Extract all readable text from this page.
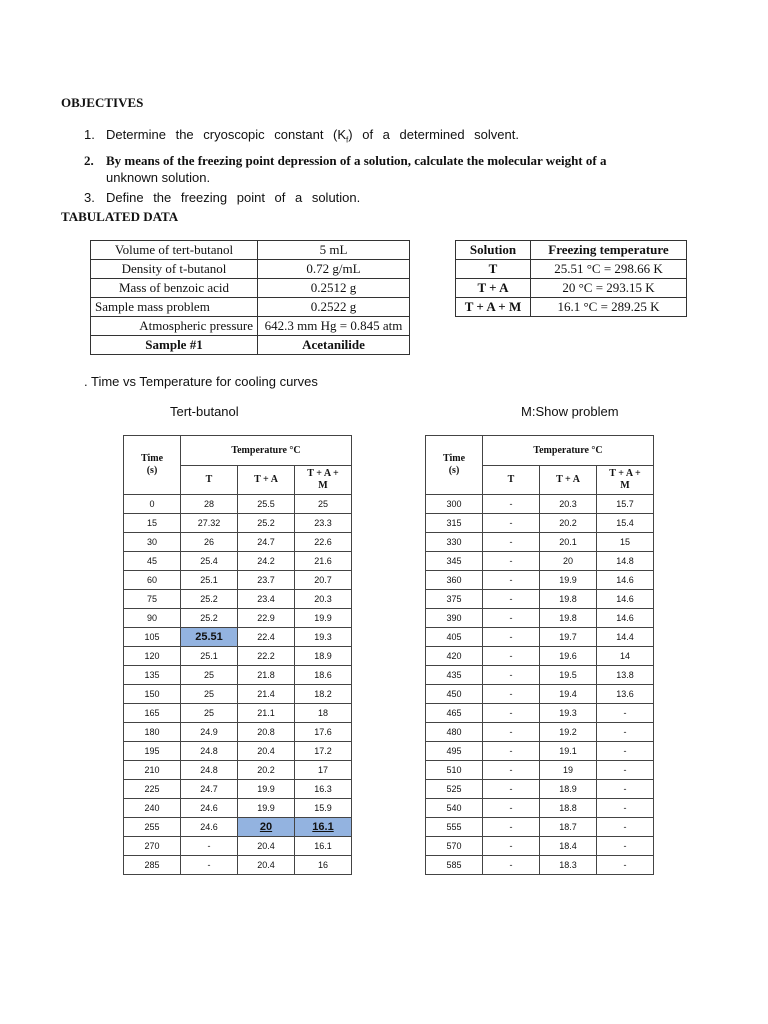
OBJECTIVES
1. Determine the cryoscopic constant $(K_f)$ of a determined solvent.
2. By means of the freezing point depression of a solution, calculate the molecular weight of a
unknown solution.
3. Define the freezing point of a solution.
TABULATED DATA
Volume of tert-butanol	5 mL
Density of t-butanol	0.72 g/mL
Mass of benzoic acid	0.2512 g
Sample mass problem	0.2522 g
Atmospheric pressure	642.3 mm Hg = 0.845 atm
Sample #1	Acetanilide
Solution	Freezing temperature
T	25.51 °C = 298.66 K
T + A	20 °C = 293.15 K
T + A + M	16.1 °C = 289.25 K
. Time vs Temperature for cooling curves
Tert-butanol	M:Show problem
Time
(s)	Temperature °C		
	T	T + A	T + A +
M
0	28	25.5	25
15	27.32	25.2	23.3
30	26	24.7	22.6
45	25.4	24.2	21.6
60	25.1	23.7	20.7
75	25.2	23.4	20.3
90	25.2	22.9	19.9
105	25.51	22.4	19.3
120	25.1	22.2	18.9
135	25	21.8	18.6
150	25	21.4	18.2
165	25	21.1	18
180	24.9	20.8	17.6
195	24.8	20.4	17.2
210	24.8	20.2	17
225	24.7	19.9	16.3
240	24.6	19.9	15.9
255	24.6	20	16.1
270	-	20.4	16.1
285	-	20.4	16
Time
(s)	Temperature °C		
	T	T + A	T + A +
M
300	-	20.3	15.7
315	-	20.2	15.4
330	-	20.1	15
345	-	20	14.8
360	-	19.9	14.6
375	-	19.8	14.6
390	-	19.8	14.6
405	-	19.7	14.4
420	-	19.6	14
435	-	19.5	13.8
450	-	19.4	13.6
465	-	19.3	-
480	-	19.2	-
495	-	19.1	-
510	-	19	-
525	-	18.9	-
540	-	18.8	-
555	-	18.7	-
570	-	18.4	-
585	-	18.3	-
